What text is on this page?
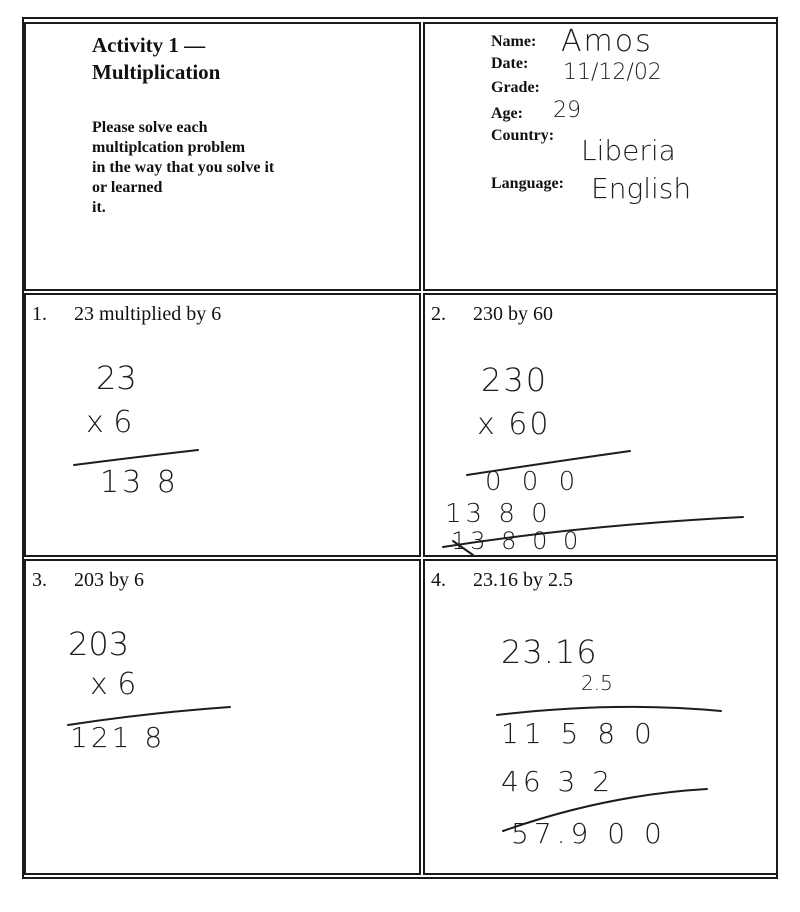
Activity 1 —
Multiplication
Please solve each
multiplcation problem
in the way that you solve it
or learned
it.
Name: Amos
Date: 11/12/02
Grade:
Age: 29
Country: Liberia
Language: English
1. 23 multiplied by 6
23
x 6
13 8
2. 230 by 60
230
x 60
0 0 0
13 8 0
13 8 0 0
3. 203 by 6
203
x 6
121 8
4. 23.16 by 2.5
23.16
2.5
11 5 8 0
46 3 2
57.9 0 0
